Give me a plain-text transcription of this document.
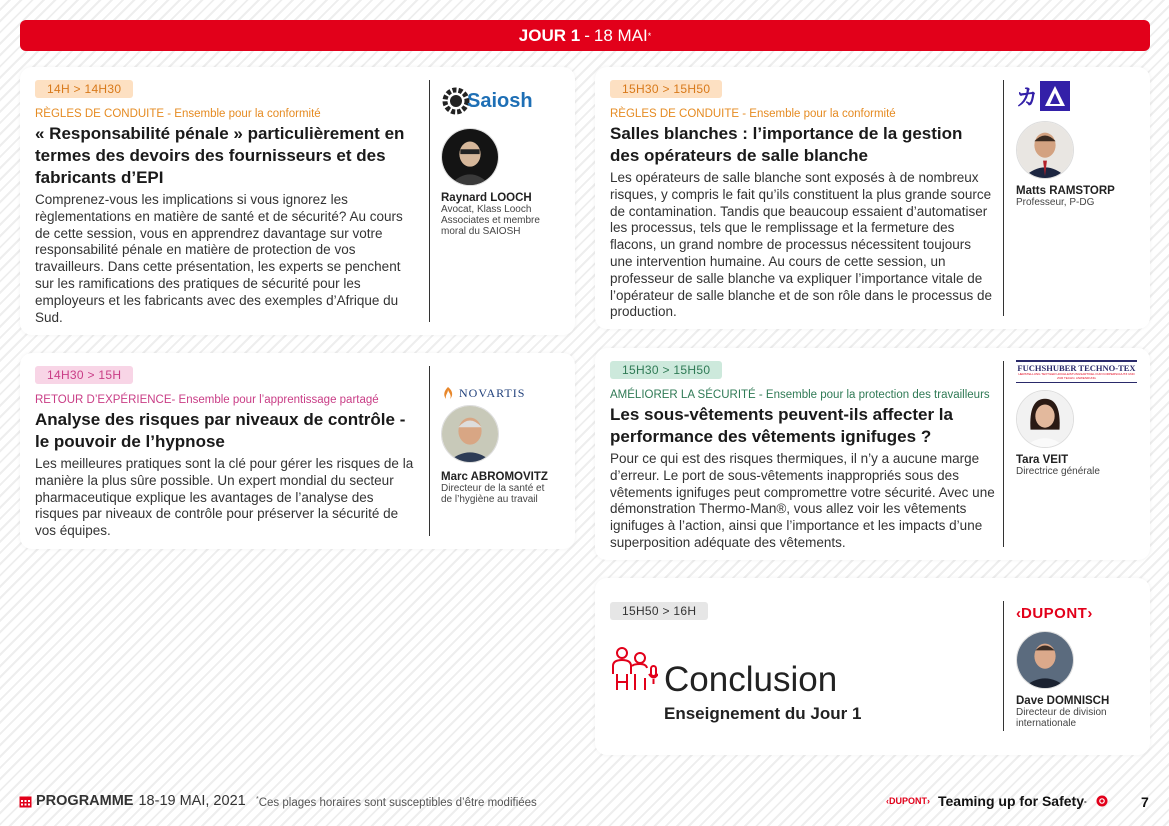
JOUR 1 - 18 MAI *
14H > 14H30
RÈGLES DE CONDUITE - Ensemble pour la conformité
« Responsabilité pénale » particulièrement en termes des devoirs des fournisseurs et des fabricants d’EPI
Comprenez-vous les implications si vous ignorez les règlementations en matière de santé et de sécurité? Au cours de cette session, vous en apprendrez davantage sur votre responsabilité pénale en matière de protection de vos travailleurs. Dans cette présentation, les experts se penchent sur les ramifications des pratiques de sécurité pour les employeurs et les fabricants avec des exemples d’Afrique du Sud.
Saiosh
Raynard LOOCH
Avocat, Klass Looch Associates et membre moral du SAIOSH
14H30 > 15H
RETOUR D’EXPÉRIENCE- Ensemble pour l’apprentissage partagé
Analyse des risques par niveaux de contrôle - le pouvoir de l’hypnose
Les meilleures pratiques sont la clé pour gérer les risques de la manière la plus sûre possible. Un expert mondial du secteur pharmaceutique explique les avantages de l’analyse des risques par niveaux de contrôle pour préserver la sécurité de vos équipes.
NOVARTIS
Marc ABROMOVITZ
Directeur de la santé et de l’hygiène au travail
15H30 > 15H50
RÈGLES DE CONDUITE - Ensemble pour la conformité
Salles blanches : l’importance de la gestion des opérateurs de salle blanche
Les opérateurs de salle blanche sont exposés à de nombreux risques, y compris le fait qu’ils constituent la plus grande source de contamination. Tandis que beaucoup essaient d’automatiser les processus, tels que le remplissage et la fermeture des flacons, un grand nombre de processus nécessitent toujours une intervention humaine. Au cours de cette session, un professeur de salle blanche va expliquer l’importance vitale de l’opérateur de salle blanche et de son rôle dans le processus de production.
カ
Matts RAMSTORP
Professeur, P-DG
15H30 > 15H50
AMÉLIORER LA SÉCURITÉ - Ensemble pour la protection des travailleurs
Les sous-vêtements peuvent-ils affecter la performance des vêtements ignifuges ?
Pour ce qui est des risques thermiques, il n’y a aucune marge d’erreur. Le port de sous-vêtements inappropriés sous des vêtements ignifuges peut compromettre votre sécurité. Avec une démonstration Thermo-Man®, vous allez voir les vêtements ignifuges à l’action, ainsi que l’importance et les impacts d’une superposition adéquate des vêtements.
FUCHSHUBER TECHNO-TEX
HERSTELLUNG TEXTILER HOCHLEISTUNGSARTIKEL FÜR KÖRPERSCHUTZ UND ZUR TECHN. ANWENDUNG
Tara VEIT
Directrice générale
15H50 > 16H
Conclusion
Enseignement du Jour 1
‹ DUPONT ›
Dave DOMNISCH
Directeur de division internationale
PROGRAMME 18-19 MAI, 2021 *Ces plages horaires sont susceptibles d’être modifiées	‹DUPONT› Teaming up for Safety -	7
